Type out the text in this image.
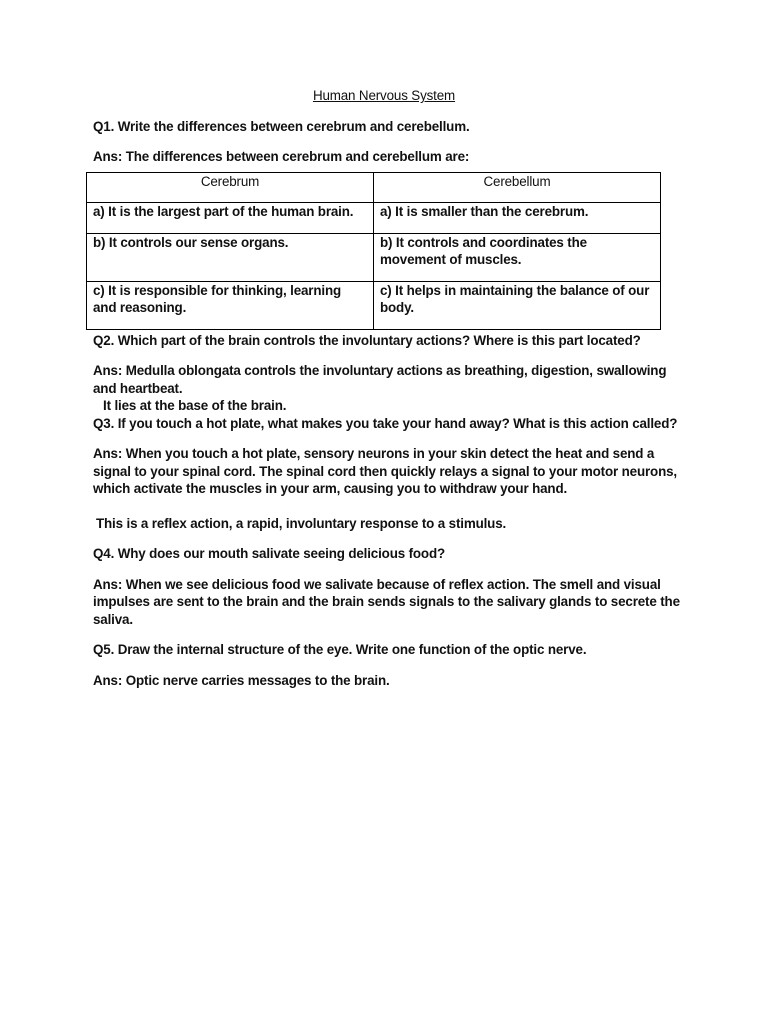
Human Nervous System

Q1. Write the differences between cerebrum and cerebellum.

Ans: The differences between cerebrum and cerebellum are:

Cerebrum	Cerebellum
a) It is the largest part of the human brain.	a) It is smaller than the cerebrum.
b) It controls our sense organs.	b) It controls and coordinates the movement of muscles.
c) It is responsible for thinking, learning and reasoning.	c) It helps in maintaining the balance of our body.

Q2. Which part of the brain controls the involuntary actions? Where is this part located?

Ans: Medulla oblongata controls the involuntary actions as breathing, digestion, swallowing and heartbeat.

It lies at the base of the brain.

Q3. If you touch a hot plate, what makes you take your hand away? What is this action called?

Ans: When you touch a hot plate, sensory neurons in your skin detect the heat and send a signal to your spinal cord. The spinal cord then quickly relays a signal to your motor neurons, which activate the muscles in your arm, causing you to withdraw your hand.

This is a reflex action, a rapid, involuntary response to a stimulus.

Q4. Why does our mouth salivate seeing delicious food?

Ans: When we see delicious food we salivate because of reflex action. The smell and visual impulses are sent to the brain and the brain sends signals to the salivary glands to secrete the saliva.

Q5. Draw the internal structure of the eye. Write one function of the optic nerve.

Ans: Optic nerve carries messages to the brain.
